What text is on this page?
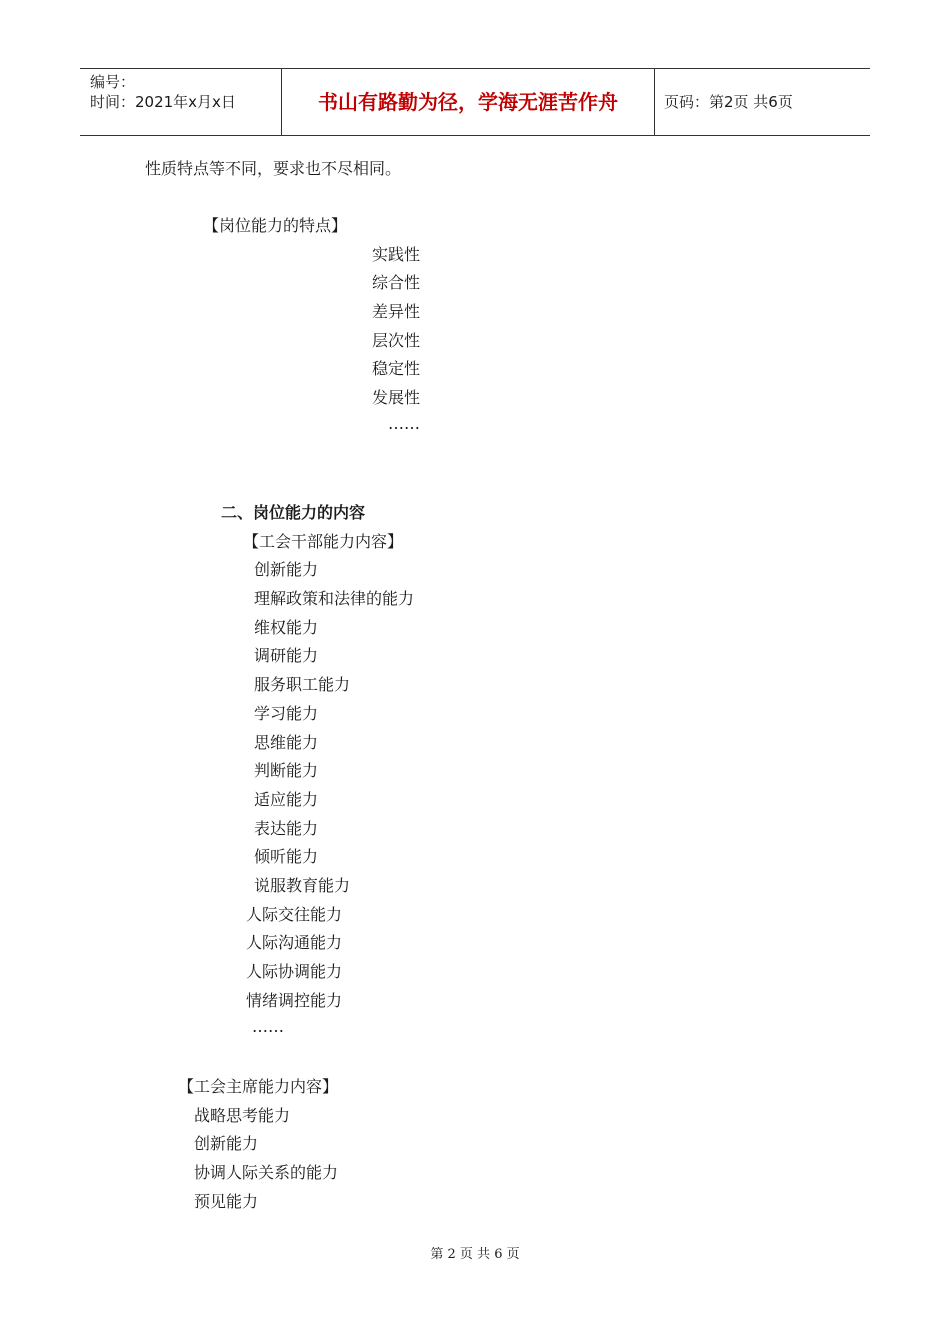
编号：
时间：2021年x月x日	书山有路勤为径，学海无涯苦作舟	页码：第2页 共6页
性质特点等不同，要求也不尽相同。
【岗位能力的特点】
实践性
综合性
差异性
层次性
稳定性
发展性
……
二、岗位能力的内容
【工会干部能力内容】
创新能力
理解政策和法律的能力
维权能力
调研能力
服务职工能力
学习能力
思维能力
判断能力
适应能力
表达能力
倾听能力
说服教育能力
人际交往能力
人际沟通能力
人际协调能力
情绪调控能力
……
【工会主席能力内容】
战略思考能力
创新能力
协调人际关系的能力
预见能力
第 2 页 共 6 页
